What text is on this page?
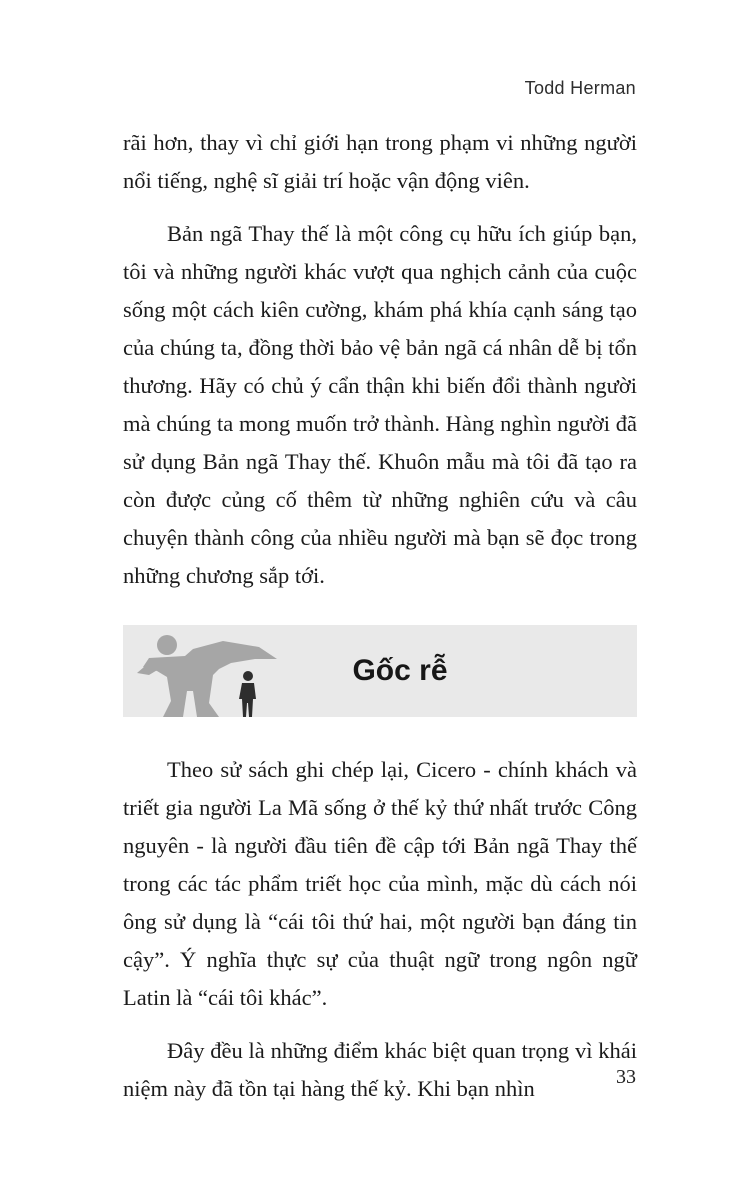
Todd Herman

rãi hơn, thay vì chỉ giới hạn trong phạm vi những người nổi tiếng, nghệ sĩ giải trí hoặc vận động viên.

Bản ngã Thay thế là một công cụ hữu ích giúp bạn, tôi và những người khác vượt qua nghịch cảnh của cuộc sống một cách kiên cường, khám phá khía cạnh sáng tạo của chúng ta, đồng thời bảo vệ bản ngã cá nhân dễ bị tổn thương. Hãy có chủ ý cẩn thận khi biến đổi thành người mà chúng ta mong muốn trở thành. Hàng nghìn người đã sử dụng Bản ngã Thay thế. Khuôn mẫu mà tôi đã tạo ra còn được củng cố thêm từ những nghiên cứu và câu chuyện thành công của nhiều người mà bạn sẽ đọc trong những chương sắp tới.

Gốc rễ

Theo sử sách ghi chép lại, Cicero - chính khách và triết gia người La Mã sống ở thế kỷ thứ nhất trước Công nguyên - là người đầu tiên đề cập tới Bản ngã Thay thế trong các tác phẩm triết học của mình, mặc dù cách nói ông sử dụng là “cái tôi thứ hai, một người bạn đáng tin cậy”. Ý nghĩa thực sự của thuật ngữ trong ngôn ngữ Latin là “cái tôi khác”.

Đây đều là những điểm khác biệt quan trọng vì khái niệm này đã tồn tại hàng thế kỷ. Khi bạn nhìn	33
